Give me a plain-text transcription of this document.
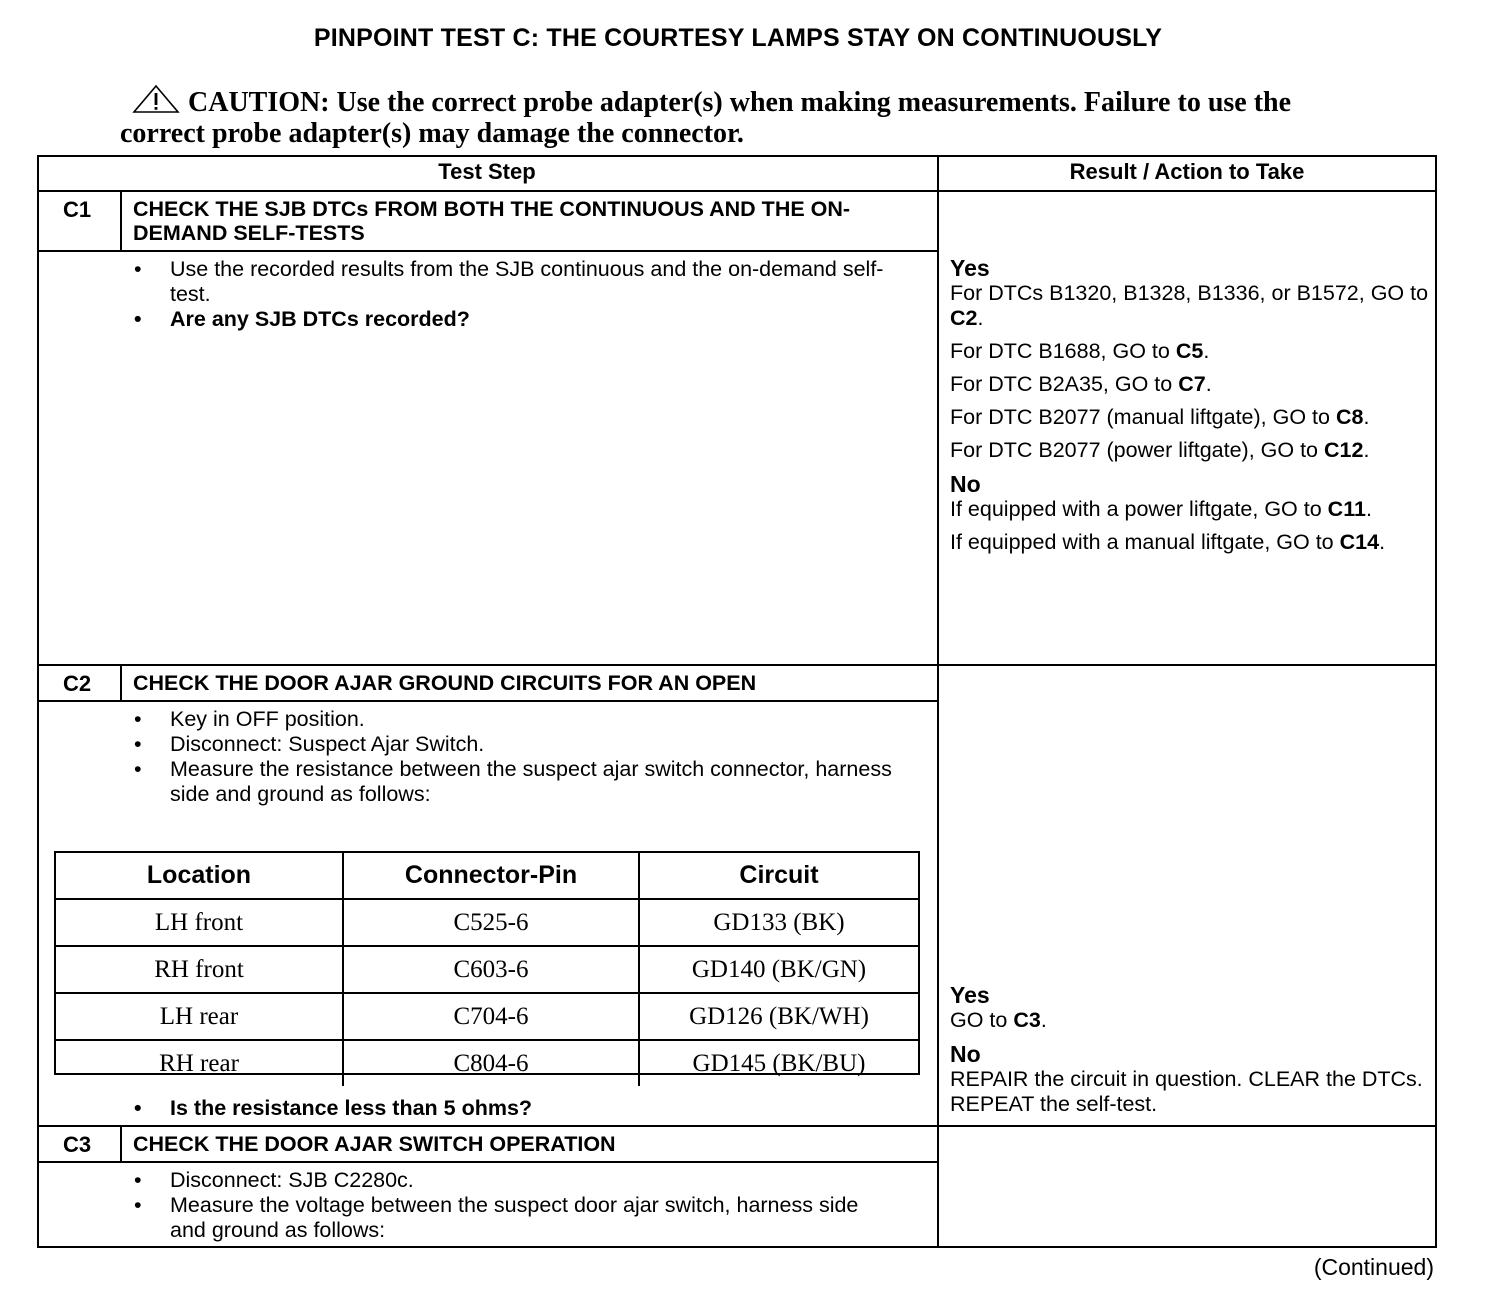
PINPOINT TEST C: THE COURTESY LAMPS STAY ON CONTINUOUSLY
CAUTION: Use the correct probe adapter(s) when making measurements. Failure to use the correct probe adapter(s) may damage the connector.
Test Step	Result / Action to Take
C1 CHECK THE SJB DTCs FROM BOTH THE CONTINUOUS AND THE ON-DEMAND SELF-TESTS
• Use the recorded results from the SJB continuous and the on-demand self-test.
• Are any SJB DTCs recorded?
Yes

For DTCs B1320, B1328, B1336, or B1572, GO to C2.

For DTC B1688, GO to C5.

For DTC B2A35, GO to C7.

For DTC B2077 (manual liftgate), GO to C8.

For DTC B2077 (power liftgate), GO to C12.

No

If equipped with a power liftgate, GO to C11.

If equipped with a manual liftgate, GO to C14.

C2 CHECK THE DOOR AJAR GROUND CIRCUITS FOR AN OPEN
• Key in OFF position.
• Disconnect: Suspect Ajar Switch.
• Measure the resistance between the suspect ajar switch connector, harness side and ground as follows:
Location	Connector-Pin	Circuit
LH front	C525-6	GD133 (BK)
RH front	C603-6	GD140 (BK/GN)
LH rear	C704-6	GD126 (BK/WH)
RH rear	C804-6	GD145 (BK/BU)
• Is the resistance less than 5 ohms?
Yes

GO to C3.

No

REPAIR the circuit in question. CLEAR the DTCs. REPEAT the self-test.

C3 CHECK THE DOOR AJAR SWITCH OPERATION
• Disconnect: SJB C2280c.
• Measure the voltage between the suspect door ajar switch, harness side and ground as follows:
(Continued)
